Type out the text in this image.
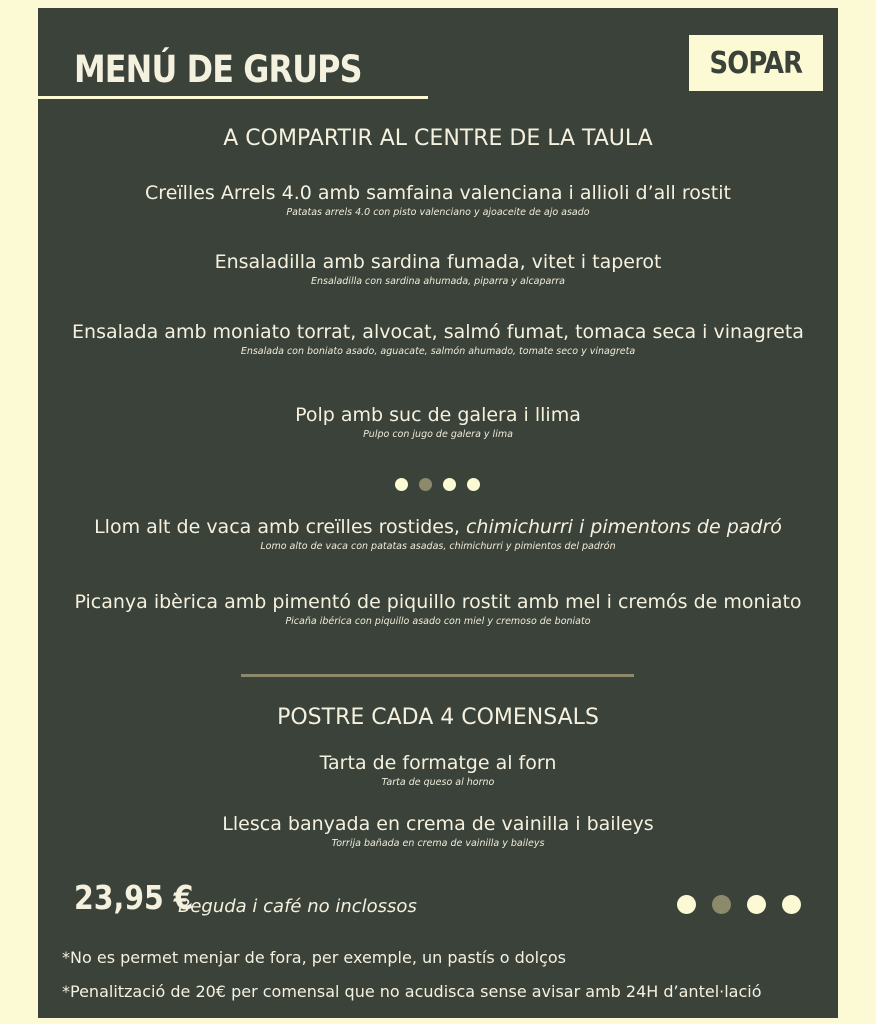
MENÚ DE GRUPS	SOPAR
A COMPARTIR AL CENTRE DE LA TAULA
Creïlles Arrels 4.0 amb samfaina valenciana i allioli d’all rostit
Patatas arrels 4.0 con pisto valenciano y ajoaceite de ajo asado
Ensaladilla amb sardina fumada, vitet i taperot
Ensaladilla con sardina ahumada, piparra y alcaparra
Ensalada amb moniato torrat, alvocat, salmó fumat, tomaca seca i vinagreta
Ensalada con boniato asado, aguacate, salmón ahumado, tomate seco y vinagreta
Polp amb suc de galera i llima
Pulpo con jugo de galera y lima
Llom alt de vaca amb creïlles rostides, chimichurri i pimentons de padró
Lomo alto de vaca con patatas asadas, chimichurri y pimientos del padrón
Picanya ibèrica amb pimentó de piquillo rostit amb mel i cremós de moniato
Picaña ibérica con piquillo asado con miel y cremoso de boniato
POSTRE CADA 4 COMENSALS
Tarta de formatge al forn
Tarta de queso al horno
Llesca banyada en crema de vainilla i baileys
Torrija bañada en crema de vainilla y baileys
23,95 €
Beguda i café no inclossos
*No es permet menjar de fora, per exemple, un pastís o dolços
*Penalització de 20€ per comensal que no acudisca sense avisar amb 24H d’antel·lació
